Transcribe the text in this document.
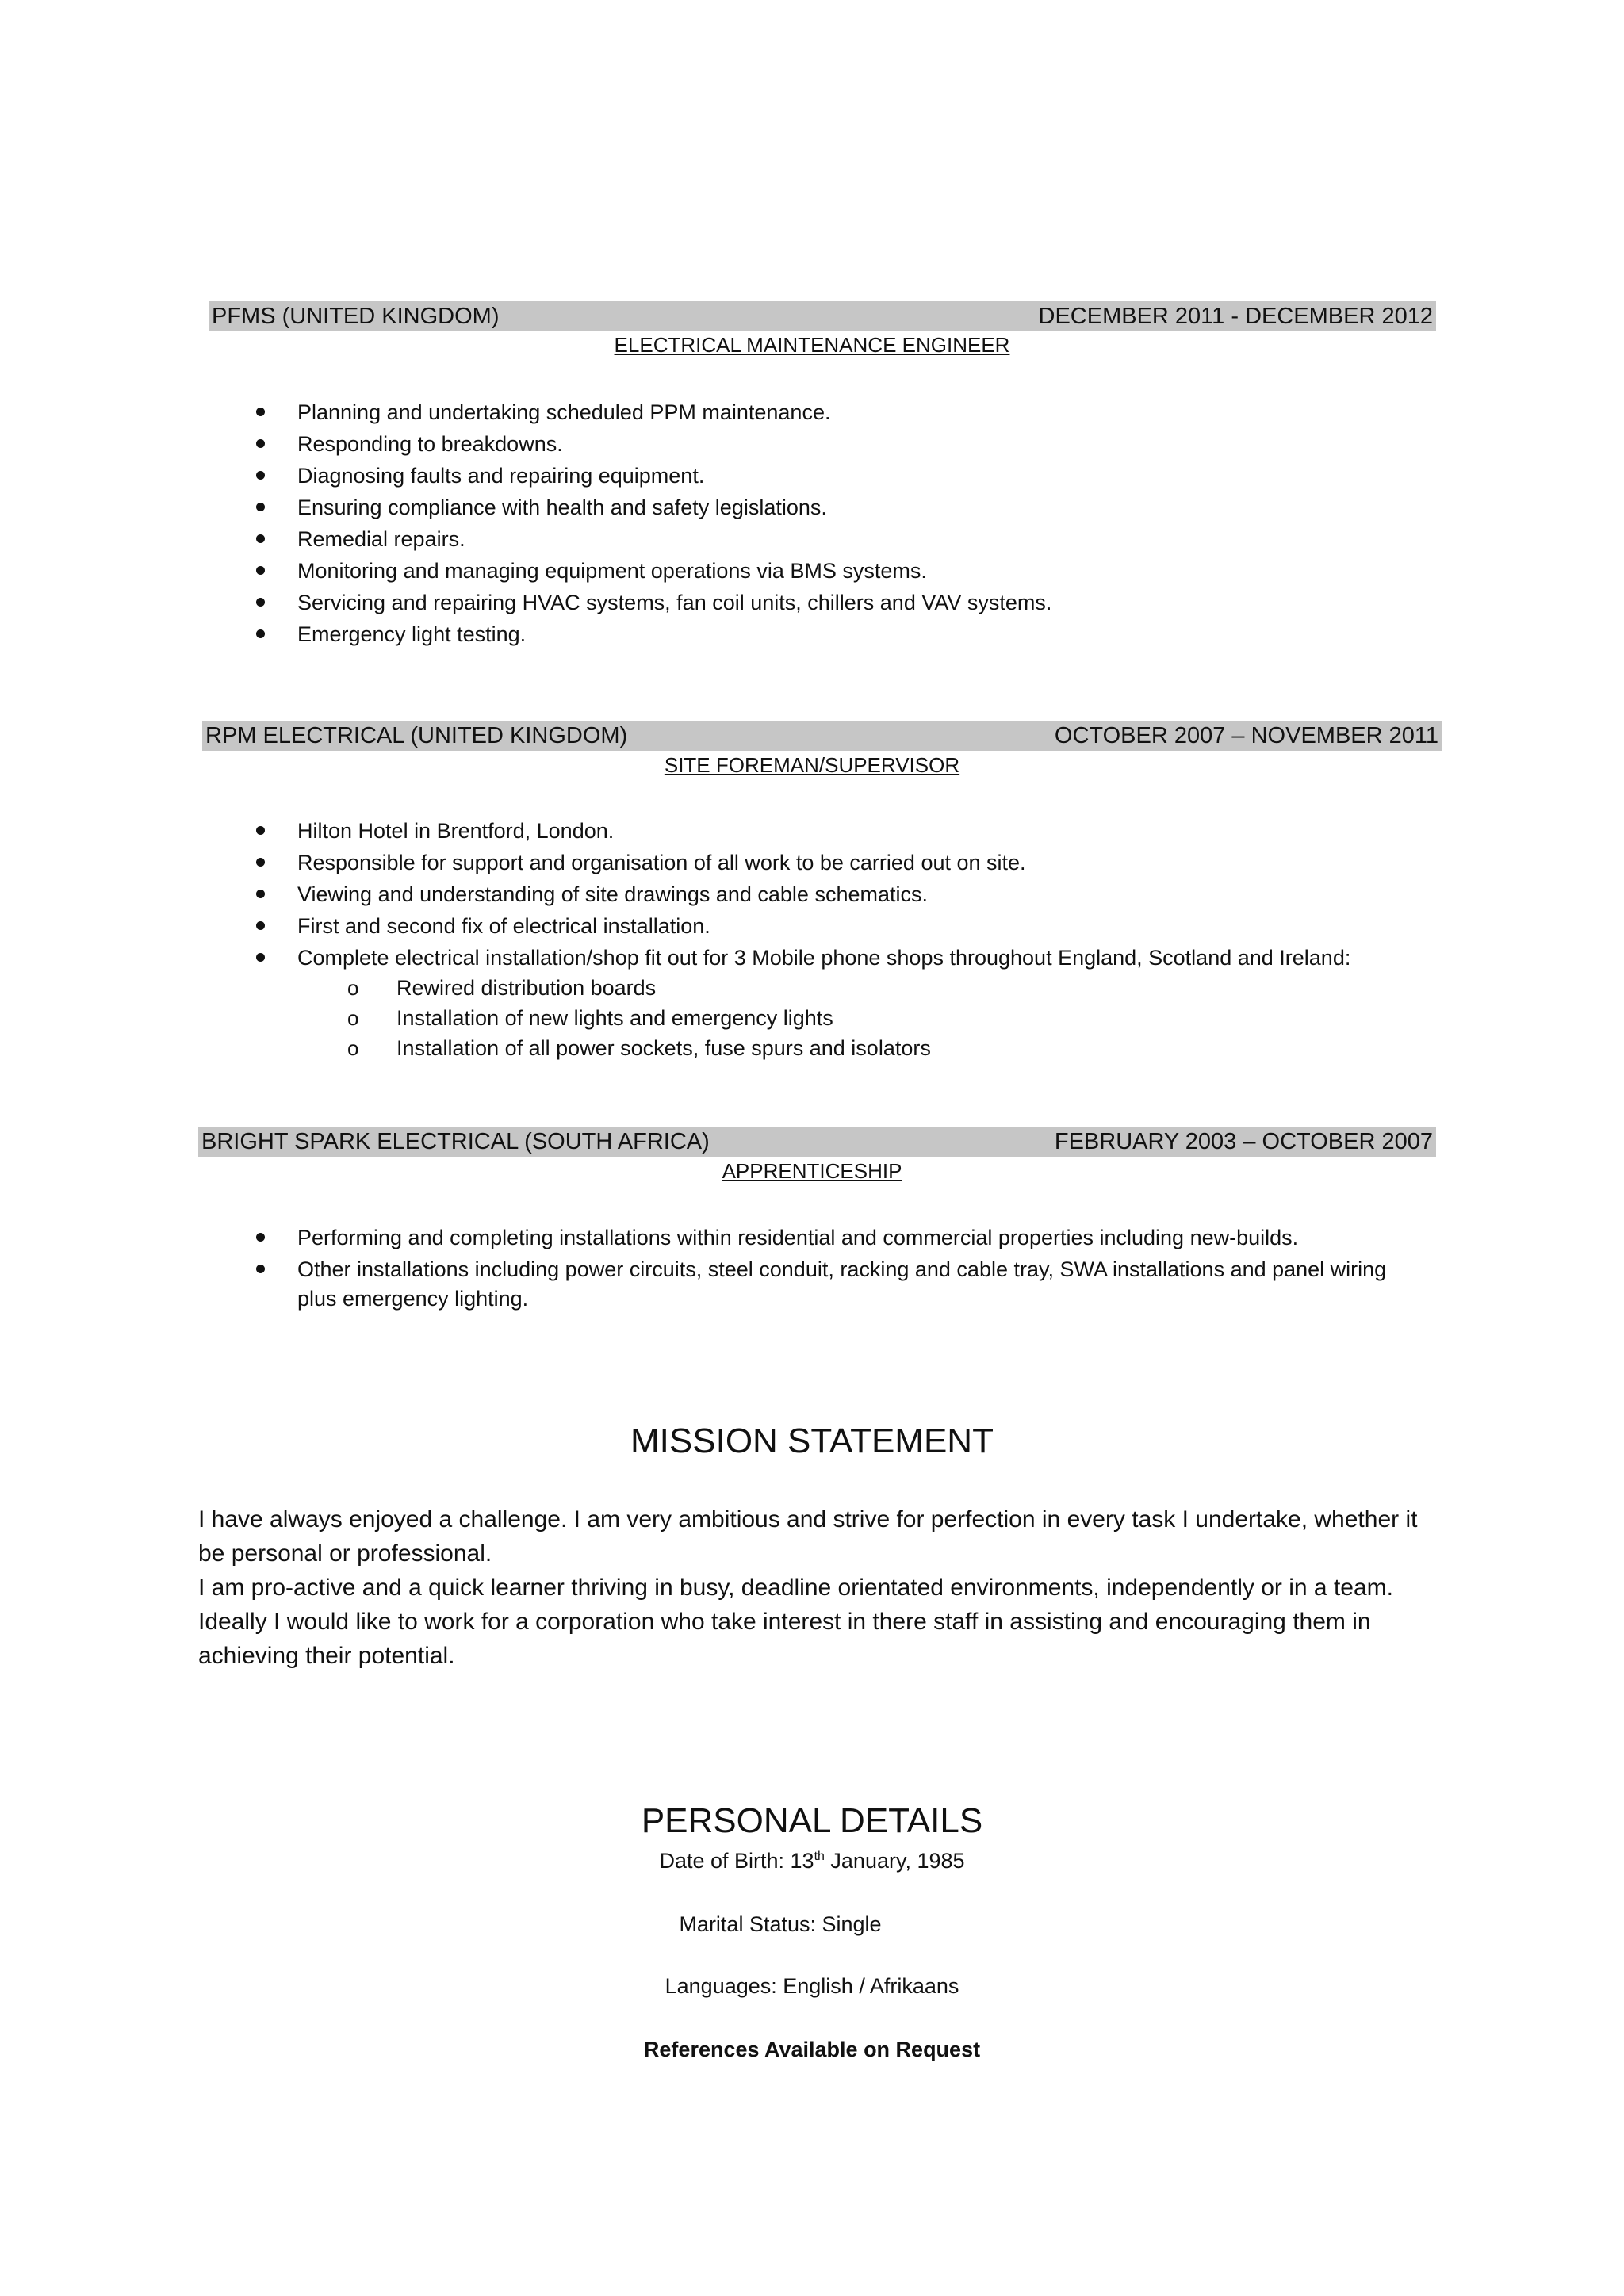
PFMS (UNITED KINGDOM)	DECEMBER 2011 - DECEMBER 2012
ELECTRICAL MAINTENANCE ENGINEER
Planning and undertaking scheduled PPM maintenance.
Responding to breakdowns.
Diagnosing faults and repairing equipment.
Ensuring compliance with health and safety legislations.
Remedial repairs.
Monitoring and managing equipment operations via BMS systems.
Servicing and repairing HVAC systems, fan coil units, chillers and VAV systems.
Emergency light testing.
RPM ELECTRICAL (UNITED KINGDOM)	OCTOBER 2007 – NOVEMBER 2011
SITE FOREMAN/SUPERVISOR
Hilton Hotel in Brentford, London.
Responsible for support and organisation of all work to be carried out on site.
Viewing and understanding of site drawings and cable schematics.
First and second fix of electrical installation.
Complete electrical installation/shop fit out for 3 Mobile phone shops throughout England, Scotland and Ireland:
o Rewired distribution boards
o Installation of new lights and emergency lights
o Installation of all power sockets, fuse spurs and isolators
BRIGHT SPARK ELECTRICAL (SOUTH AFRICA)	FEBRUARY 2003 – OCTOBER 2007
APPRENTICESHIP
Performing and completing installations within residential and commercial properties including new-builds.
Other installations including power circuits, steel conduit, racking and cable tray, SWA installations and panel wiring plus emergency lighting.
MISSION STATEMENT

I have always enjoyed a challenge. I am very ambitious and strive for perfection in every task I undertake, whether it be personal or professional.

I am pro-active and a quick learner thriving in busy, deadline orientated environments, independently or in a team. Ideally I would like to work for a corporation who take interest in there staff in assisting and encouraging them in achieving their potential.

PERSONAL DETAILS
Date of Birth: 13th January, 1985
Marital Status: Single
Languages: English / Afrikaans
References Available on Request
